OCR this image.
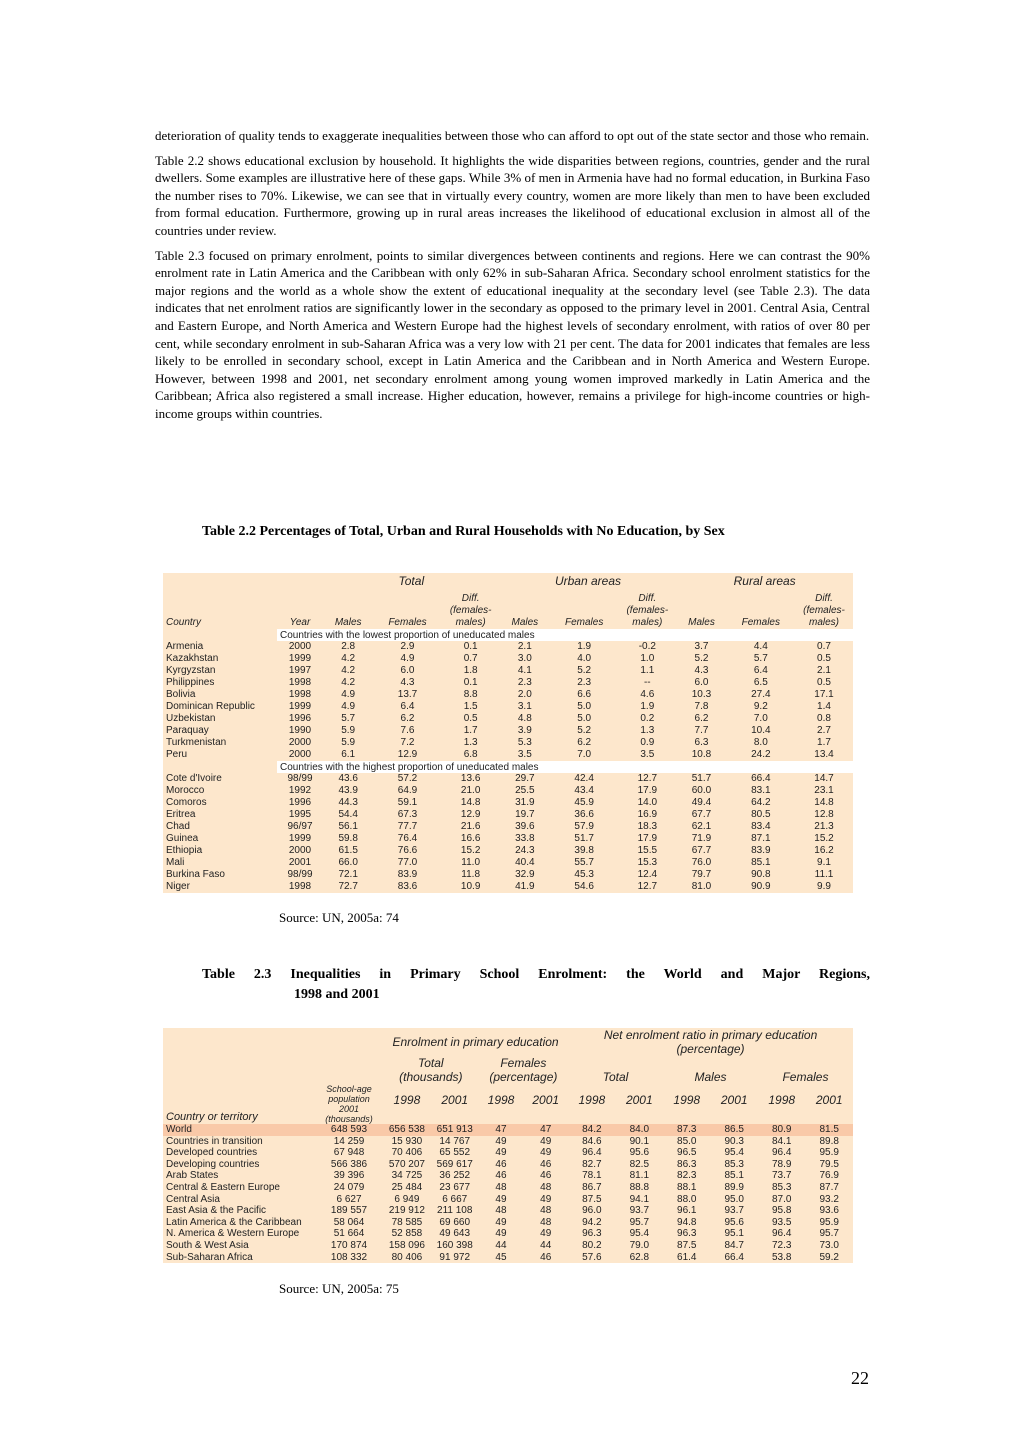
deterioration of quality tends to exaggerate inequalities between those who can afford to opt out of the state sector and those who remain.

Table 2.2 shows educational exclusion by household. It highlights the wide disparities between regions, countries, gender and the rural dwellers. Some examples are illustrative here of these gaps. While 3% of men in Armenia have had no formal education, in Burkina Faso the number rises to 70%. Likewise, we can see that in virtually every country, women are more likely than men to have been excluded from formal education. Furthermore, growing up in rural areas increases the likelihood of educational exclusion in almost all of the countries under review.

Table 2.3 focused on primary enrolment, points to similar divergences between continents and regions. Here we can contrast the 90% enrolment rate in Latin America and the Caribbean with only 62% in sub-Saharan Africa. Secondary school enrolment statistics for the major regions and the world as a whole show the extent of educational inequality at the secondary level (see Table 2.3). The data indicates that net enrolment ratios are significantly lower in the secondary as opposed to the primary level in 2001. Central Asia, Central and Eastern Europe, and North America and Western Europe had the highest levels of secondary enrolment, with ratios of over 80 per cent, while secondary enrolment in sub-Saharan Africa was a very low with 21 per cent. The data for 2001 indicates that females are less likely to be enrolled in secondary school, except in Latin America and the Caribbean and in North America and Western Europe. However, between 1998 and 2001, net secondary enrolment among young women improved markedly in Latin America and the Caribbean; Africa also registered a small increase. Higher education, however, remains a privilege for high-income countries or high-income groups within countries.

Table 2.2 Percentages of Total, Urban and Rural Households with No Education, by Sex
		Total			Urban areas			Rural areas		
Country	Year	Males	Females	Diff. (females- males)	Males	Females	Diff. (females- males)	Males	Females	Diff. (females- males)
	Countries with the lowest proportion of uneducated males									
Armenia	2000	2.8	2.9	0.1	2.1	1.9	-0.2	3.7	4.4	0.7
Kazakhstan	1999	4.2	4.9	0.7	3.0	4.0	1.0	5.2	5.7	0.5
Kyrgyzstan	1997	4.2	6.0	1.8	4.1	5.2	1.1	4.3	6.4	2.1
Philippines	1998	4.2	4.3	0.1	2.3	2.3	--	6.0	6.5	0.5
Bolivia	1998	4.9	13.7	8.8	2.0	6.6	4.6	10.3	27.4	17.1
Dominican Republic	1999	4.9	6.4	1.5	3.1	5.0	1.9	7.8	9.2	1.4
Uzbekistan	1996	5.7	6.2	0.5	4.8	5.0	0.2	6.2	7.0	0.8
Paraquay	1990	5.9	7.6	1.7	3.9	5.2	1.3	7.7	10.4	2.7
Turkmenistan	2000	5.9	7.2	1.3	5.3	6.2	0.9	6.3	8.0	1.7
Peru	2000	6.1	12.9	6.8	3.5	7.0	3.5	10.8	24.2	13.4
	Countries with the highest proportion of uneducated males									
Cote d'Ivoire	98/99	43.6	57.2	13.6	29.7	42.4	12.7	51.7	66.4	14.7
Morocco	1992	43.9	64.9	21.0	25.5	43.4	17.9	60.0	83.1	23.1
Comoros	1996	44.3	59.1	14.8	31.9	45.9	14.0	49.4	64.2	14.8
Eritrea	1995	54.4	67.3	12.9	19.7	36.6	16.9	67.7	80.5	12.8
Chad	96/97	56.1	77.7	21.6	39.6	57.9	18.3	62.1	83.4	21.3
Guinea	1999	59.8	76.4	16.6	33.8	51.7	17.9	71.9	87.1	15.2
Ethiopia	2000	61.5	76.6	15.2	24.3	39.8	15.5	67.7	83.9	16.2
Mali	2001	66.0	77.0	11.0	40.4	55.7	15.3	76.0	85.1	9.1
Burkina Faso	98/99	72.1	83.9	11.8	32.9	45.3	12.4	79.7	90.8	11.1
Niger	1998	72.7	83.6	10.9	41.9	54.6	12.7	81.0	90.9	9.9
Source: UN, 2005a: 74
Table 2.3 Inequalities in Primary School Enrolment: the World and Major Regions,
1998 and 2001
Country or territory		Enrolment in primary education				Net enrolment ratio in primary education (percentage)					
		Total (thousands)		Females (percentage)		Total		Males		Females	
	School-age population 2001 (thousands)	1998	2001	1998	2001	1998	2001	1998	2001	1998	2001

World	648 593	656 538	651 913	47	47	84.2	84.0	87.3	86.5	80.9	81.5
Countries in transition	14 259	15 930	14 767	49	49	84.6	90.1	85.0	90.3	84.1	89.8
Developed countries	67 948	70 406	65 552	49	49	96.4	95.6	96.5	95.4	96.4	95.9
Developing countries	566 386	570 207	569 617	46	46	82.7	82.5	86.3	85.3	78.9	79.5
Arab States	39 396	34 725	36 252	46	46	78.1	81.1	82.3	85.1	73.7	76.9
Central & Eastern Europe	24 079	25 484	23 677	48	48	86.7	88.8	88.1	89.9	85.3	87.7
Central Asia	6 627	6 949	6 667	49	49	87.5	94.1	88.0	95.0	87.0	93.2
East Asia & the Pacific	189 557	219 912	211 108	48	48	96.0	93.7	96.1	93.7	95.8	93.6
Latin America & the Caribbean	58 064	78 585	69 660	49	48	94.2	95.7	94.8	95.6	93.5	95.9
N. America & Western Europe	51 664	52 858	49 643	49	49	96.3	95.4	96.3	95.1	96.4	95.7
South & West Asia	170 874	158 096	160 398	44	44	80.2	79.0	87.5	84.7	72.3	73.0
Sub-Saharan Africa	108 332	80 406	91 972	45	46	57.6	62.8	61.4	66.4	53.8	59.2
Source: UN, 2005a: 75
22
